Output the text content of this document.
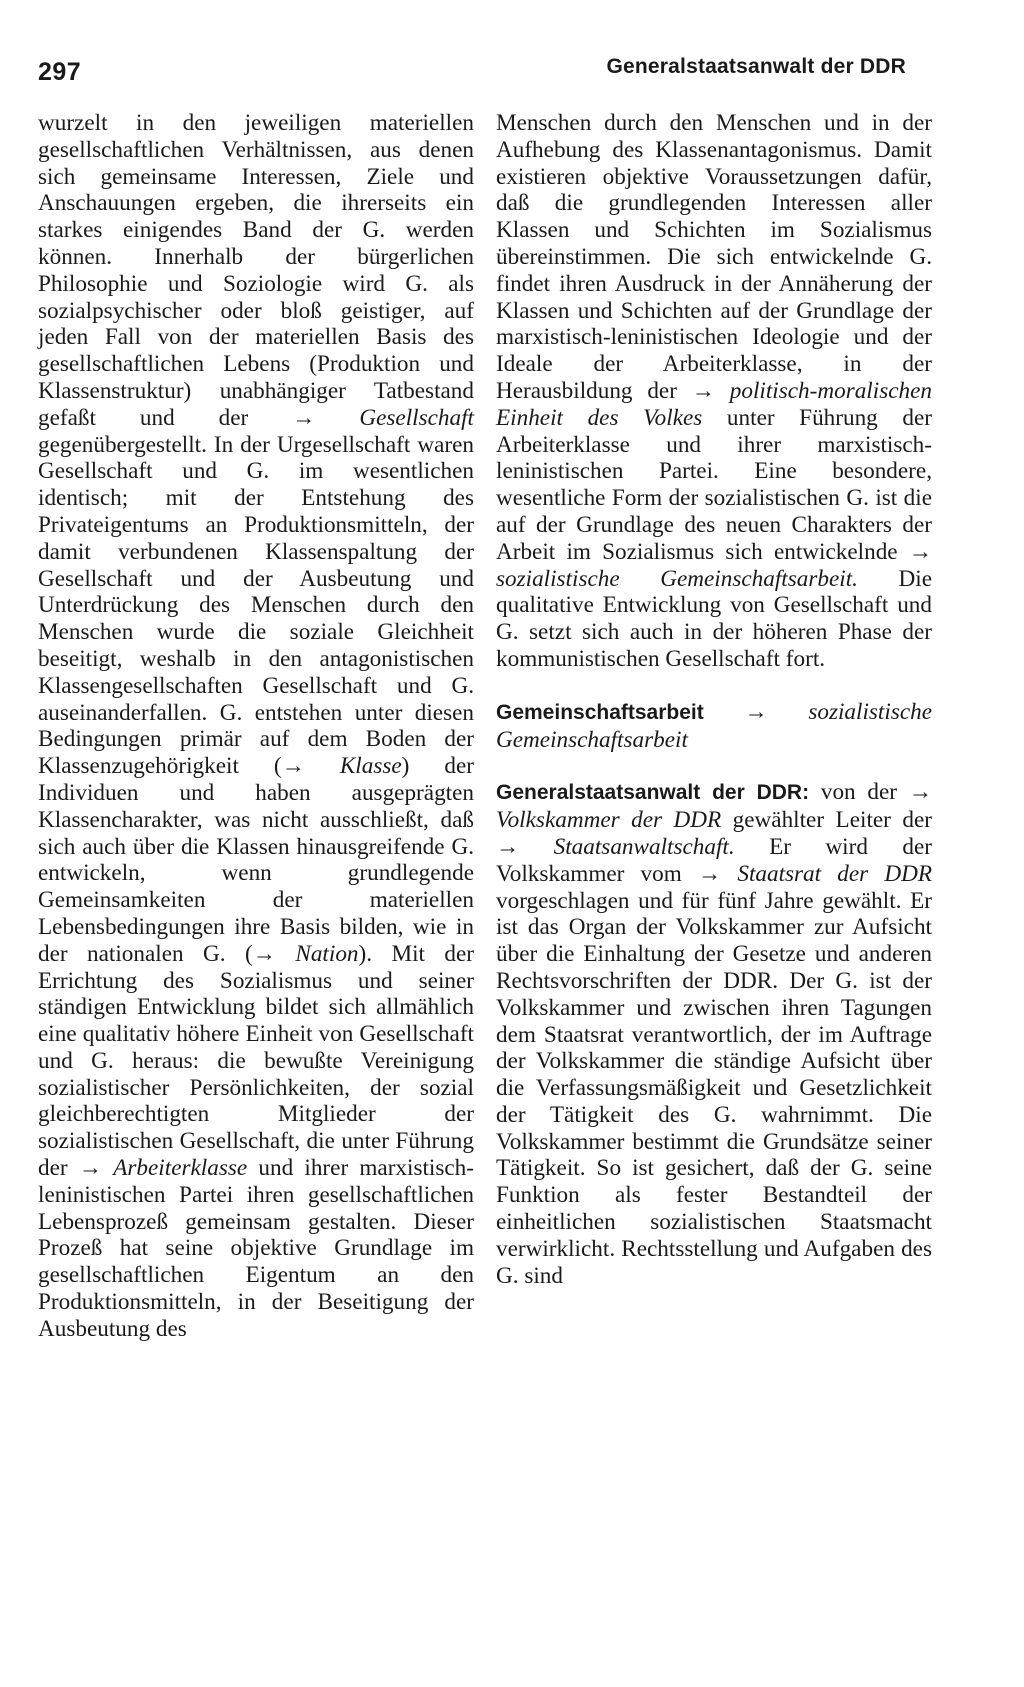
297	Generalstaatsanwalt der DDR

wurzelt in den jeweiligen materiellen gesellschaftlichen Verhältnissen, aus denen sich gemeinsame Interessen, Ziele und Anschauungen ergeben, die ihrerseits ein starkes einigendes Band der G. werden können. Innerhalb der bürgerlichen Philosophie und Soziologie wird G. als sozialpsychischer oder bloß geistiger, auf jeden Fall von der materiellen Basis des gesellschaftlichen Lebens (Produktion und Klassenstruktur) unabhängiger Tatbestand gefaßt und der → Gesellschaft gegenübergestellt. In der Urgesellschaft waren Gesellschaft und G. im wesentlichen identisch; mit der Entstehung des Privateigentums an Produktionsmitteln, der damit verbundenen Klassenspaltung der Gesellschaft und der Ausbeutung und Unterdrückung des Menschen durch den Menschen wurde die soziale Gleichheit beseitigt, weshalb in den antagonistischen Klassengesellschaften Gesellschaft und G. auseinanderfallen. G. entstehen unter diesen Bedingungen primär auf dem Boden der Klassenzugehörigkeit (→ Klasse) der Individuen und haben ausgeprägten Klassencharakter, was nicht ausschließt, daß sich auch über die Klassen hinausgreifende G. entwickeln, wenn grundlegende Gemeinsamkeiten der materiellen Lebensbedingungen ihre Basis bilden, wie in der nationalen G. (→ Nation). Mit der Errichtung des Sozialismus und seiner ständigen Entwicklung bildet sich allmählich eine qualitativ höhere Einheit von Gesellschaft und G. heraus: die bewußte Vereinigung sozialistischer Persönlichkeiten, der sozial gleichberechtigten Mitglieder der sozialistischen Gesellschaft, die unter Führung der → Arbeiterklasse und ihrer marxistisch-leninistischen Partei ihren gesellschaftlichen Lebensprozeß gemeinsam gestalten. Dieser Prozeß hat seine objektive Grundlage im gesellschaftlichen Eigentum an den Produktionsmitteln, in der Beseitigung der Ausbeutung des

Menschen durch den Menschen und in der Aufhebung des Klassenantagonismus. Damit existieren objektive Voraussetzungen dafür, daß die grundlegenden Interessen aller Klassen und Schichten im Sozialismus übereinstimmen. Die sich entwickelnde G. findet ihren Ausdruck in der Annäherung der Klassen und Schichten auf der Grundlage der marxistisch-leninistischen Ideologie und der Ideale der Arbeiterklasse, in der Herausbildung der → politisch-moralischen Einheit des Volkes unter Führung der Arbeiterklasse und ihrer marxistisch-leninistischen Partei. Eine besondere, wesentliche Form der sozialistischen G. ist die auf der Grundlage des neuen Charakters der Arbeit im Sozialismus sich entwickelnde → sozialistische Gemeinschaftsarbeit. Die qualitative Entwicklung von Gesellschaft und G. setzt sich auch in der höheren Phase der kommunistischen Gesellschaft fort.

Gemeinschaftsarbeit → sozialistische Gemeinschaftsarbeit

Generalstaatsanwalt der DDR: von der → Volkskammer der DDR gewählter Leiter der → Staatsanwaltschaft. Er wird der Volkskammer vom → Staatsrat der DDR vorgeschlagen und für fünf Jahre gewählt. Er ist das Organ der Volkskammer zur Aufsicht über die Einhaltung der Gesetze und anderen Rechtsvorschriften der DDR. Der G. ist der Volkskammer und zwischen ihren Tagungen dem Staatsrat verantwortlich, der im Auftrage der Volkskammer die ständige Aufsicht über die Verfassungsmäßigkeit und Gesetzlichkeit der Tätigkeit des G. wahrnimmt. Die Volkskammer bestimmt die Grundsätze seiner Tätigkeit. So ist gesichert, daß der G. seine Funktion als fester Bestandteil der einheitlichen sozialistischen Staatsmacht verwirklicht. Rechtsstellung und Aufgaben des G. sind
